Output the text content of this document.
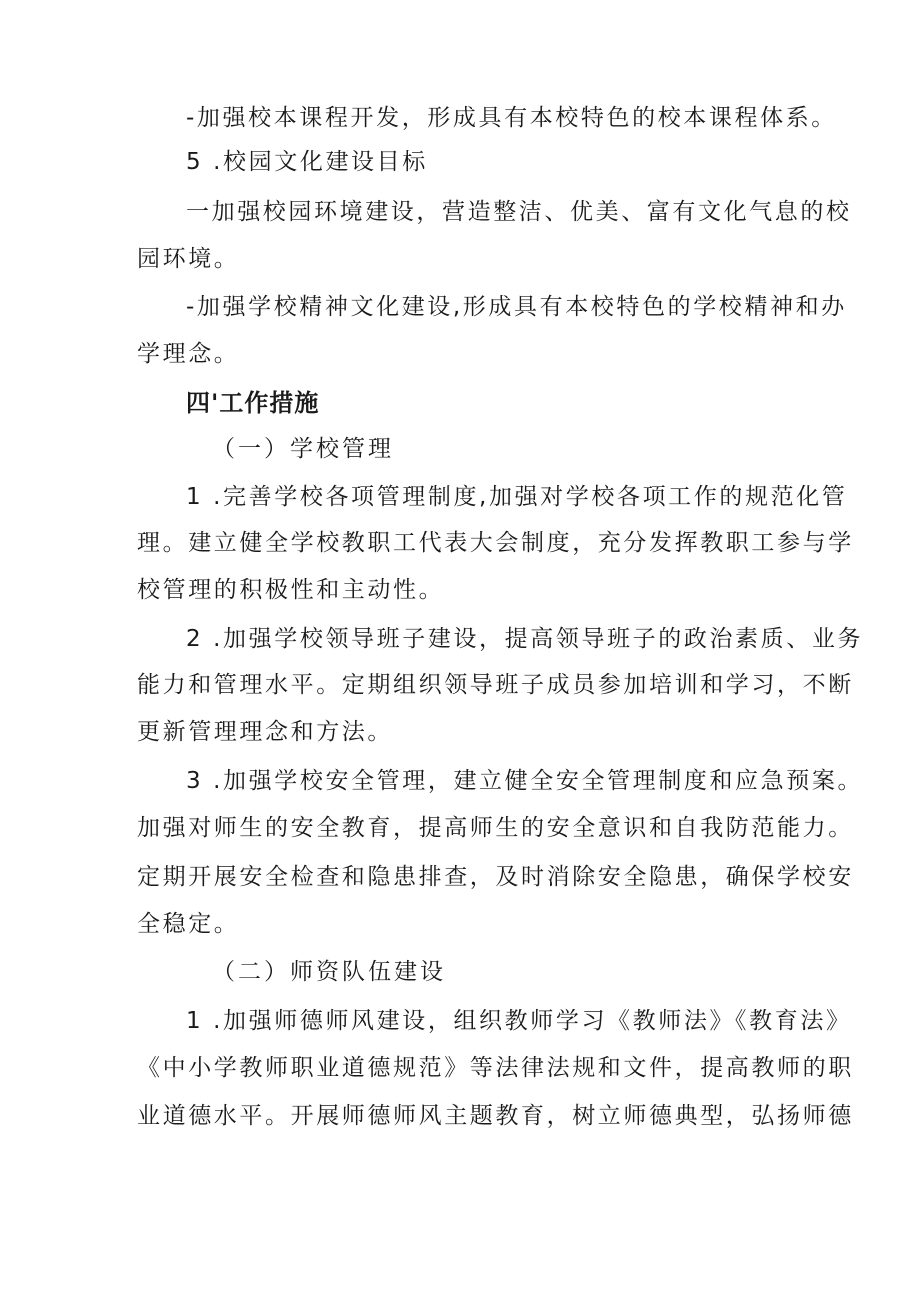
-加强校本课程开发，形成具有本校特色的校本课程体系。
5 .校园文化建设目标
一加强校园环境建设，营造整洁、优美、富有文化气息的校
园环境。
-加强学校精神文化建设,形成具有本校特色的学校精神和办
学理念。
四'工作措施
（一）学校管理
1 .完善学校各项管理制度,加强对学校各项工作的规范化管
理。建立健全学校教职工代表大会制度，充分发挥教职工参与学
校管理的积极性和主动性。
2 .加强学校领导班子建设，提高领导班子的政治素质、业务
能力和管理水平。定期组织领导班子成员参加培训和学习，不断
更新管理理念和方法。
3 .加强学校安全管理，建立健全安全管理制度和应急预案。
加强对师生的安全教育，提高师生的安全意识和自我防范能力。
定期开展安全检查和隐患排查，及时消除安全隐患，确保学校安
全稳定。
（二）师资队伍建设
1 .加强师德师风建设，组织教师学习《教师法》《教育法》
《中小学教师职业道德规范》等法律法规和文件，提高教师的职
业道德水平。开展师德师风主题教育，树立师德典型，弘扬师德
